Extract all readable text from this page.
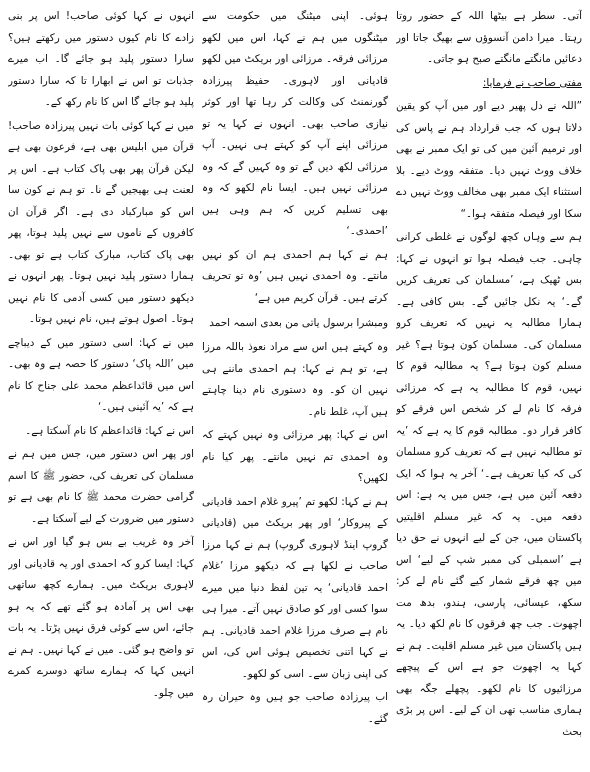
آتی۔ سطر ہے بیٹھا اللہ کے حضور روتا رہتا۔ میرا دامن آنسوؤں سے بھیگ جاتا اور دعائیں مانگتے مانگتے صبح ہو جاتی۔

مفتی صاحب نے فرمایا:

”اللہ نے دل پھیر دیے اور میں آپ کو یقین دلاتا ہوں کہ جب قرارداد ہم نے پاس کی اور ترمیم آئین میں کی تو ایک ممبر نے بھی خلاف ووٹ نہیں دیا۔ متفقہ ووٹ دیے۔ بلا استثناء ایک ممبر بھی مخالف ووٹ نہیں دے سکا اور فیصلہ متفقہ ہوا۔“

ہم سے وہاں کچھ لوگوں نے غلطی کرانی چاہی۔ جب فیصلہ ہوا تو انہوں نے کہا: بس ٹھیک ہے، ’مسلمان کی تعریف کریں گے۔‘ یہ نکل جائیں گے۔ بس کافی ہے۔ ہمارا مطالبہ یہ نہیں کہ تعریف کرو مسلمان کی۔ مسلمان کون ہوتا ہے؟ غیر مسلم کون ہوتا ہے؟ یہ مطالبہ قوم کا نہیں، قوم کا مطالبہ یہ ہے کہ مرزائی فرقہ کا نام لے کر شخص اس فرقے کو کافر قرار دو۔ مطالبہ قوم کا یہ ہے کہ ’یہ تو مطالبہ نہیں ہے کہ تعریف کرو مسلمان کی کہ کیا تعریف ہے۔‘ آخر یہ ہوا کہ ایک دفعہ آئین میں ہے، جس میں یہ ہے: اس دفعہ میں۔ یہ کہ غیر مسلم اقلیتیں پاکستان میں، جن کے لیے انہوں نے حق دیا ہے ’اسمبلی کی ممبر شپ کے لیے‘ اس میں چھ فرقے شمار کیے گئے نام لے کر: سکھ، عیسائی، پارسی، ہندو، بدھ مت اچھوت۔ جب چھ فرقوں کا نام لکھ دیا۔ یہ ہیں پاکستان میں غیر مسلم اقلیت۔ ہم نے کہا یہ اچھوت جو ہے اس کے پیچھے مرزائیوں کا نام لکھو۔ پچھلے جگہ بھی ہماری مناسب تھی ان کے لیے۔ اس پر بڑی بحث

ہوئی۔ اپنی میٹنگ میں حکومت سے میٹنگوں میں ہم نے کہا، اس میں لکھو مرزائی فرقہ۔ مرزائی اور بریکٹ میں لکھو قادیانی اور لاہوری۔ حفیظ پیرزادہ گورنمنٹ کی وکالت کر رہا تھا اور کوثر نیازی صاحب بھی۔ انہوں نے کہا یہ تو مرزائی اپنے آپ کو کہتے ہی نہیں۔ آپ مرزائی لکھ دیں گے تو وہ کہیں گے کہ وہ مرزائی نہیں ہیں۔ ایسا نام لکھو کہ وہ بھی تسلیم کریں کہ ہم وہی ہیں ’احمدی۔‘

ہم نے کہا ہم احمدی ہم ان کو نہیں مانتے۔ وہ احمدی نہیں ہیں ’وہ تو تحریف کرتے ہیں۔ قرآن کریم میں ہے‘

ومبشرا برسول یاتی من بعدی اسمہ احمد

وہ کہتے ہیں اس سے مراد نعوذ باللہ مرزا ہے، تو ہم نے کہا: ہم احمدی ماننے ہی نہیں ان کو۔ وہ دستوری نام دینا چاہتے ہیں آپ، غلط نام۔

اس نے کہا: پھر مرزائی وہ نہیں کہتے کہ وہ احمدی تم نہیں مانتے۔ پھر کیا نام لکھیں؟

ہم نے کہا: لکھو تم ’پیرو غلام احمد قادیانی کے پیروکار‘ اور پھر بریکٹ میں (قادیانی گروپ اینڈ لاہوری گروپ) ہم نے کہا مرزا صاحب نے لکھا ہے کہ دیکھو مرزا ’غلام احمد قادیانی‘ یہ تین لفظ دنیا میں میرے سوا کسی اور کو صادق نہیں آتے۔ میرا ہی نام ہے صرف مرزا غلام احمد قادیانی۔ ہم نے کہا اتنی تخصیص ہوئی اس کی، اس کی اپنی زبان سے۔ اسی کو لکھو۔

اب پیرزادہ صاحب جو ہیں وہ حیران رہ گئے۔

انہوں نے کہا کوئی صاحب! اس پر بنی زادے کا نام کیوں دستور میں رکھتے ہیں؟ سارا دستور پلید ہو جائے گا۔ اب میرے جذبات تو اس نے ابھارا تا کہ سارا دستور پلید ہو جائے گا اس کا نام رکھ کے۔

میں نے کہا کوئی بات نہیں پیرزادہ صاحب! قرآن میں ابلیس بھی ہے، فرعون بھی ہے لیکن قرآن پھر بھی پاک کتاب ہے۔ اس پر لعنت ہی بھیجیں گے نا۔ تو ہم نے کون سا اس کو مبارکباد دی ہے۔ اگر قرآن ان کافروں کے ناموں سے نہیں پلید ہوتا، پھر بھی پاک کتاب، مبارک کتاب ہے تو بھی۔ ہمارا دستور پلید نہیں ہوتا۔ پھر انہوں نے دیکھو دستور میں کسی آدمی کا نام نہیں ہوتا۔ اصول ہوتے ہیں، نام نہیں ہوتا۔

میں نے کہا: اسی دستور میں کے دیباچے میں ’اللہ پاک‘ دستور کا حصہ ہے وہ بھی۔ اس میں قائداعظم محمد علی جناح کا نام ہے کہ ’یہ آئینی ہیں۔‘

اس نے کہا: قائداعظم کا نام آسکتا ہے۔

اور پھر اس دستور میں، جس میں ہم نے مسلمان کی تعریف کی، حضور ﷺ کا اسم گرامی حضرت محمد ﷺ کا نام بھی ہے تو دستور میں ضرورت کے لیے آسکتا ہے۔

آخر وہ غریب بے بس ہو گیا اور اس نے کہا: ایسا کرو کہ احمدی اور یہ قادیانی اور لاہوری بریکٹ میں۔ ہمارے کچھ ساتھی بھی اس پر آمادہ ہو گئے تھے کہ یہ ہو جائے، اس سے کوئی فرق نہیں پڑتا۔ یہ بات تو واضح ہو گئی۔ میں نے کہا نہیں۔ ہم نے انہیں کہا کہ ہمارے ساتھ دوسرے کمرے میں چلو۔
